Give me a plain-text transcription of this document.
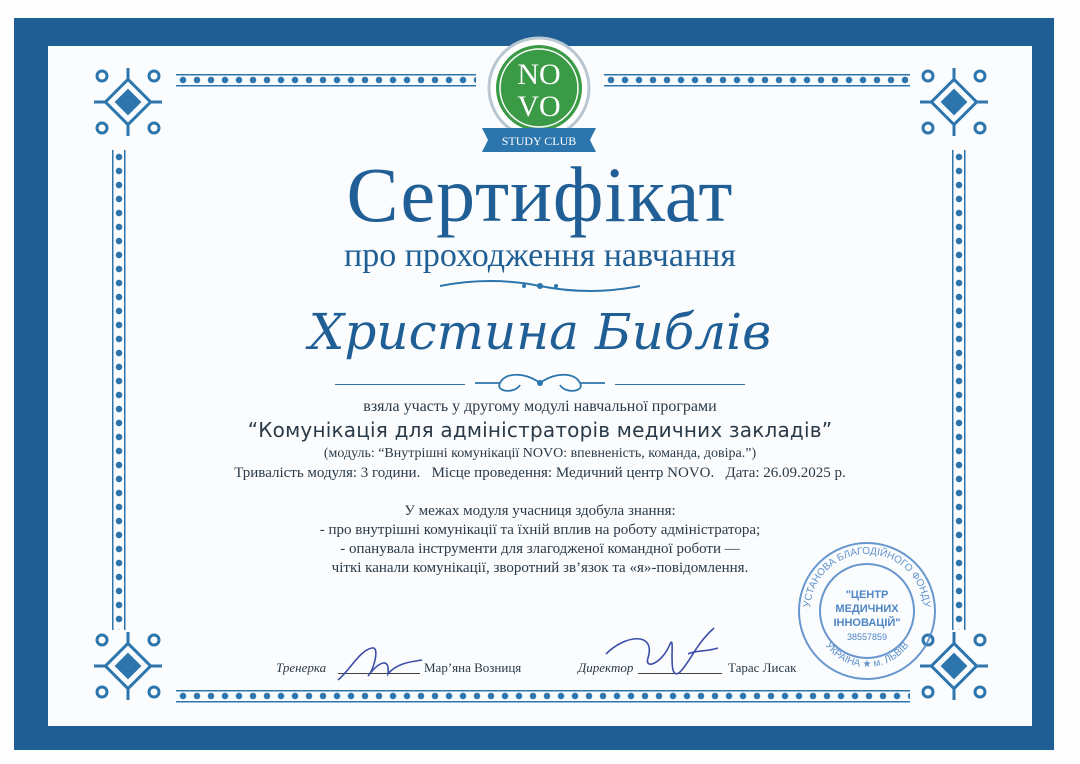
NO
VO
STUDY CLUB
Сертифікат
про проходження навчання
Христина Библів
взяла участь у другому модулі навчальної програми
“Комунікація для адміністраторів медичних закладів”
(модуль: “Внутрішні комунікації NOVO: впевненість, команда, довіра.”)
Тривалість модуля: 3 години.   Місце проведення: Медичний центр NOVO.   Дата: 26.09.2025 р.
У межах модуля учасниця здобула знання:
- про внутрішні комунікації та їхній вплив на роботу адміністратора;
- опанувала інструменти для злагодженої командної роботи —
чіткі канали комунікації, зворотний зв’язок та «я»-повідомлення.
Тренерка	Мар’яна Возниця	Директор	Тарас Лисак
УСТАНОВА БЛАГОДІЙНОГО ФОНДУ
УКРАЇНА ★ м. ЛЬВІВ
"ЦЕНТР
МЕДИЧНИХ
ІННОВАЦІЙ"
38557859
